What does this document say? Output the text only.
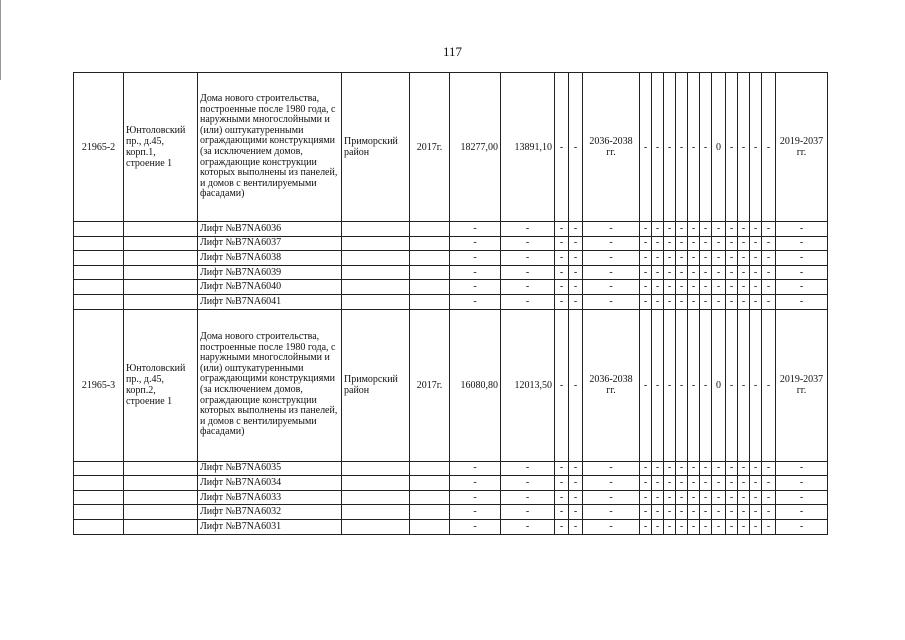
117
21965-2	Юнтоловский пр., д.45, корп.1, строение 1	Дома нового строительства, построенные после 1980 года, с наружными многослойными и (или) оштукатуренными ограждающими конструкциями (за исключением домов, ограждающие конструкции которых выполнены из панелей, и домов с вентилируемыми фасадами)	Приморский район	2017г.	18277,00	13891,10	-	-	2036-2038 гг.	-	-	-	-	-	-	0	-	-	-	-	2019-2037 гг.
		Лифт №B7NA6036			-	-	-	-	-	-	-	-	-	-	-	-	-	-	-	-	-
		Лифт №B7NA6037			-	-	-	-	-	-	-	-	-	-	-	-	-	-	-	-	-
		Лифт №B7NA6038			-	-	-	-	-	-	-	-	-	-	-	-	-	-	-	-	-
		Лифт №B7NA6039			-	-	-	-	-	-	-	-	-	-	-	-	-	-	-	-	-
		Лифт №B7NA6040			-	-	-	-	-	-	-	-	-	-	-	-	-	-	-	-	-
		Лифт №B7NA6041			-	-	-	-	-	-	-	-	-	-	-	-	-	-	-	-	-
21965-3	Юнтоловский пр., д.45, корп.2, строение 1	Дома нового строительства, построенные после 1980 года, с наружными многослойными и (или) оштукатуренными ограждающими конструкциями (за исключением домов, ограждающие конструкции которых выполнены из панелей, и домов с вентилируемыми фасадами)	Приморский район	2017г.	16080,80	12013,50	-	-	2036-2038 гг.	-	-	-	-	-	-	0	-	-	-	-	2019-2037 гг.
		Лифт №B7NA6035			-	-	-	-	-	-	-	-	-	-	-	-	-	-	-	-	-
		Лифт №B7NA6034			-	-	-	-	-	-	-	-	-	-	-	-	-	-	-	-	-
		Лифт №B7NA6033			-	-	-	-	-	-	-	-	-	-	-	-	-	-	-	-	-
		Лифт №B7NA6032			-	-	-	-	-	-	-	-	-	-	-	-	-	-	-	-	-
		Лифт №B7NA6031			-	-	-	-	-	-	-	-	-	-	-	-	-	-	-	-	-
